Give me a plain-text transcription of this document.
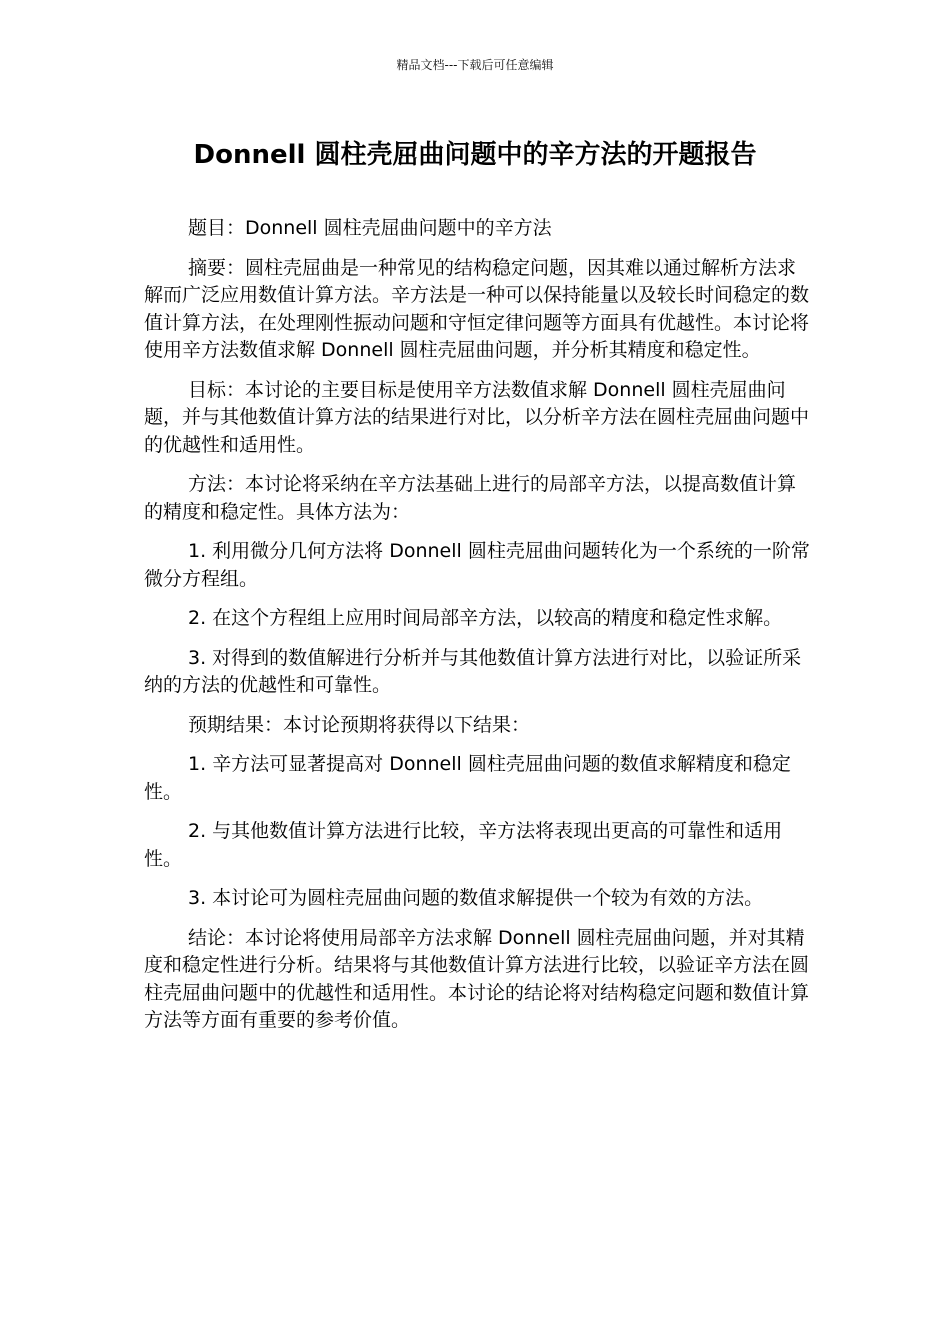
精品文档---下载后可任意编辑
Donnell 圆柱壳屈曲问题中的辛方法的开题报告

题目：Donnell 圆柱壳屈曲问题中的辛方法

摘要：圆柱壳屈曲是一种常见的结构稳定问题，因其难以通过解析方法求解而广泛应用数值计算方法。辛方法是一种可以保持能量以及较长时间稳定的数值计算方法，在处理刚性振动问题和守恒定律问题等方面具有优越性。本讨论将使用辛方法数值求解 Donnell 圆柱壳屈曲问题，并分析其精度和稳定性。

目标：本讨论的主要目标是使用辛方法数值求解 Donnell 圆柱壳屈曲问题，并与其他数值计算方法的结果进行对比，以分析辛方法在圆柱壳屈曲问题中的优越性和适用性。

方法：本讨论将采纳在辛方法基础上进行的局部辛方法，以提高数值计算的精度和稳定性。具体方法为：

1. 利用微分几何方法将 Donnell 圆柱壳屈曲问题转化为一个系统的一阶常微分方程组。

2. 在这个方程组上应用时间局部辛方法，以较高的精度和稳定性求解。

3. 对得到的数值解进行分析并与其他数值计算方法进行对比，以验证所采纳的方法的优越性和可靠性。

预期结果：本讨论预期将获得以下结果：

1. 辛方法可显著提高对 Donnell 圆柱壳屈曲问题的数值求解精度和稳定性。

2. 与其他数值计算方法进行比较，辛方法将表现出更高的可靠性和适用性。

3. 本讨论可为圆柱壳屈曲问题的数值求解提供一个较为有效的方法。

结论：本讨论将使用局部辛方法求解 Donnell 圆柱壳屈曲问题，并对其精度和稳定性进行分析。结果将与其他数值计算方法进行比较，以验证辛方法在圆柱壳屈曲问题中的优越性和适用性。本讨论的结论将对结构稳定问题和数值计算方法等方面有重要的参考价值。
